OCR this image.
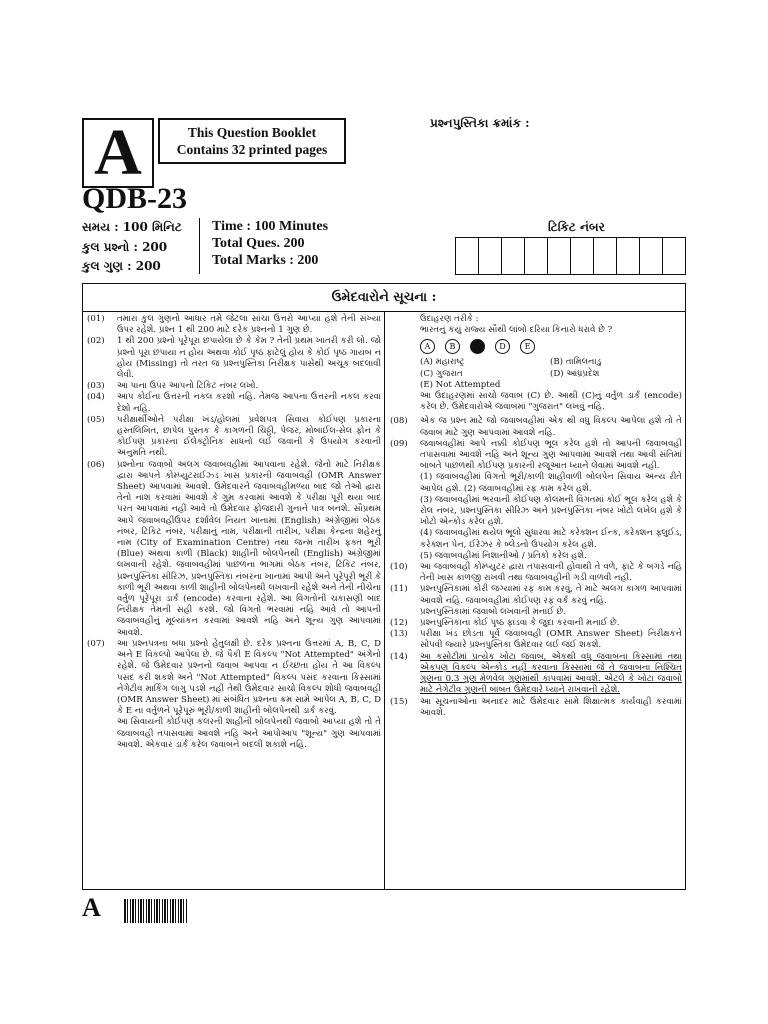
A	This Question Booklet
Contains 32 printed pages
પ્રશ્નપુસ્તિકા ક્રમાંક :
QDB-23
સમય : 100 મિનિટ
કુલ પ્રશ્નો : 200
કુલ ગુણ : 200
Time : 100 Minutes
Total Ques. 200
Total Marks : 200
ટિકિટ નંબર
ઉમેદવારોને સૂચના :
(01)	તમારા કુલ ગુણનો આધાર તમે જેટલા સાચા ઉત્તરો આપ્યા હશે તેની સંખ્યા ઉપર રહેશે. પ્રશ્ન 1 થી 200 માટે દરેક પ્રશ્નનો 1 ગુણ છે.
(02)	1 થી 200 પ્રશ્નો પૂરેપૂરા છપાયેલા છે કે કેમ ? તેની પ્રથમ ખાતરી કરી લો. જો પ્રશ્નો પૂરા છપાયા ન હોય અથવા કોઈ પૃષ્ઠ ફાટેલું હોય કે કોઈ પૃષ્ઠ ગાયબ ન હોય (Missing) તો તરત જ પ્રશ્નપુસ્તિકા નિરીક્ષક પાસેથી અચૂક બદલાવી લેવી.
(03)	આ પાના ઉપર આપનો ટિકિટ નંબર લખો.
(04)	આપ કોઈના ઉત્તરની નકલ કરશો નહિ. તેમજ આપના ઉત્તરની નકલ કરવા દેશો નહિ.
(05)	પરીક્ષાર્થીઓને પરીક્ષા ખંડ/હોલમાં પ્રવેશપત્ર સિવાય કોઈપણ પ્રકારના હસ્તલિખિત, છાપેલ પુસ્તક કે કાગળની ચિઠ્ઠી, પેજર, મોબાઈલ-સેલ ફોન કે કોઈપણ પ્રકારના ઈલેક્ટ્રોનિક સાધનો લઈ જવાની કે ઉપયોગ કરવાની અનુમતિ નથી.
(06)	પ્રશ્નોના જવાબો અલગ જવાબવહીમાં આપવાના રહેશે. જેનો માટે નિરીક્ષક દ્વારા આપને કોમ્પ્યુટરાઈઝ્ડ ખાસ પ્રકારની જવાબવહી (OMR Answer Sheet) આપવામાં આવશે. ઉમેદવારને જવાબવહીમળ્યા બાદ જો તેઓ દ્વારા તેનો નાશ કરવામાં આવશે કે ગુમ કરવામાં આવશે કે પરીક્ષા પૂરી થયા બાદ પરત આપવામાં નહીં આવે તો ઉમેદવાર ફોજદારી ગુનાને પાત્ર બનશે. સૌપ્રથમ આપે જવાબવહીઉપર દર્શાવેલ નિયત ખાનામાં (English) અંગ્રેજીમાં બેઠક નંબર, ટિકિટ નંબર, પરીક્ષાનું નામ, પરીક્ષાની તારીખ, પરીક્ષા કેન્દ્રના શહેરનું નામ (City of Examination Centre) તથા જન્મ તારીખ ફક્ત ભૂરી (Blue) અથવા કાળી (Black) શાહીની બોલપેનથી (English) અંગ્રેજીમાં લખવાની રહેશે. જવાબવહીમાં પાછળના ભાગમાં બેઠક નંબર, ટિકિટ નંબર, પ્રશ્નપુસ્તિકા સીરિઝ, પ્રશ્નપુસ્તિકા નંબરના ખાનામાં આપી અને પૂરેપૂરી ભૂરી કે કાળી ભૂરી અથવા કાળી શાહીની બોલપેનથી લખવાની રહેશે અને તેની નીચેના વર્તુળ પૂરેપૂરા ડાર્ક (encode) કરવાના રહેશે. આ વિગતોની ચકાસણી બાદ નિરીક્ષક તેમની સહી કરશે. જો વિગતો ભરવામાં નહિ આવે તો આપની જવાબવહીનું મૂલ્યાંકન કરવામાં આવશે નહિ અને શૂન્ય ગુણ આપવામાં આવશે.
(07)	આ પ્રશ્નપત્રના બધા પ્રશ્નો હેતુલક્ષી છે. દરેક પ્રશ્નના ઉત્તરમાં A, B, C, D અને E વિકલ્પો આપેલા છે. જે પૈકી E વિકલ્પ "Not Attempted" અંગેનો રહેશે. જે ઉમેદવાર પ્રશ્નનો જવાબ આપવા ન ઈચ્છતા હોય તે આ વિકલ્પ પસંદ કરી શકશે અને "Not Attempted" વિકલ્પ પસંદ કરવાના કિસ્સામાં નેગેટીવ માર્કિંગ લાગુ પડશે નહી તેથી ઉમેદવાર સાચો વિકલ્પ શોધી જવાબવહી (OMR Answer Sheet) માં સંબંધિત પ્રશ્નના ક્રમ સામે આપેલ A, B, C, D કે E ના વર્તુળને પૂરેપૂરું ભૂરી/કાળી શાહીની બોલપેનથી ડાર્ક કરવું.
આ સિવાયની કોઈપણ કલરની શાહીની બોલપેનથી જવાબો આપ્યા હશે તો તે જવાબવહી તપાસવામાં આવશે નહિ અને આપોઆપ "શૂન્ય" ગુણ આપવામાં આવશે. એકવાર ડાર્ક કરેલ જવાબને બદલી શકાશે નહિ.
ઉદાહરણ તરીકે :
ભારતનું કયું રાજ્ય સૌથી લાંબો દરિયા કિનારો ધરાવે છે ?
A	B	D	E
(A) મહારાષ્ટ્ર	(B) તામિલનાડુ
(C) ગુજરાત	(D) આંધ્રપ્રદેશ
(E) Not Attempted
આ ઉદાહરણમાં સાચો જવાબ (C) છે. આથી (C)નું વર્તુળ ડાર્ક (encode) કરેલ છે. ઉમેદવારોએ જવાબમાં "ગુજરાત" લખવું નહિ.
(08)	એક જ પ્રશ્ન માટે જો જવાબવહીમાં એક થી વધુ વિકલ્પ આપેલા હશે તો તે જવાબ માટે ગુણ આપવામાં આવશે નહિ.
(09)	જવાબવહીમાં આપે નક્કી કોઈપણ ભૂલ કરેલ હશે તો આપની જવાબવહી તપાસવામાં આવશે નહિ અને શૂન્ય ગુણ આપવામાં આવશે તથા આવી સંતિમાં બાબતે પાછળથી કોઈપણ પ્રકારની રજૂઆત ધ્યાને લેવામાં આવશે નહી.
(1) જવાબવહીમાં વિગતો ભૂરી/કાળી શાહીવાળી બોલપેન સિવાય અન્ય રીતે આપેલ હશે. (2) જવાબવહીમાં રફ કામ કરેલ હશે.
(3) જવાબવહીમાં ભરવાની કોઈપણ કોલમની વિગતમાં કોઈ ભૂલ કરેલ હશે કે રોલ નંબર, પ્રશ્નપુસ્તિકા સીરિઝ અને પ્રશ્નપુસ્તિકા નંબર ખોટો લખેલ હશે કે ખોટો એન્કોડ કરેલ હશે.
(4) જવાબવહીમાં થયેલ ભૂલો સુધારવા માટે કરેક્શન ઈન્ક, કરેક્શન ફ્લુઈડ, કરેક્શન પેન, ઈરેઝર કે બ્લેડનો ઉપયોગ કરેલ હશે.
(5) જવાબવહીમાં નિશાનીઓ / પ્રતિકો કરેલ હશે.
(10)	આ જવાબવહી કોમ્પ્યુટર દ્વારા તપાસવાની હોવાથી તે વળે, ફાટે કે બગડે નહિ તેની ખાસ કાળજી રાખવી તથા જવાબવહીની ગડી વાળવી નહી.
(11)	પ્રશ્નપુસ્તિકામાં કોરી જગ્યામાં રફ કામ કરવું, તે માટે અલગ કાગળ આપવામાં આવશે નહિ. જવાબવહીમાં કોઈપણ રફ વર્ક કરવું નહિ.
પ્રશ્નપુસ્તિકામાં જવાબો લખવાની મનાઈ છે.
(12)	પ્રશ્નપુસ્તિકાના કોઈ પૃષ્ઠ ફાડવા કે જુદા કરવાની મનાઈ છે.
(13)	પરીક્ષા ખંડ છોડતા પૂર્વે જવાબવહી (OMR Answer Sheet) નિરીક્ષકને સોંપવી જ્યારે પ્રશ્નપુસ્તિકા ઉમેદવાર લઈ જઈ શકશે.
(14)	આ કસોટીમાં પ્રત્યેક ખોટા જવાબ, એકથી વધુ જવાબના કિસ્સામાં તથા એકપણ વિકલ્પ એન્કોડ નહીં કરવાના કિસ્સામાં જે તે જવાબના નિશ્ચિત ગુણના 0.3 ગુણ મેળવેલ ગુણમાંથી કાપવામાં આવશે. એટલે કે ખોટા જવાબો માટે નેગેટીવ ગુણની બાબત ઉમેદવારે ધ્યાને રાખવાની રહેશે.
(15)	આ સૂચનાઓના અનાદર માટે ઉમેદવાર સામે શિક્ષાત્મક કાર્યવાહી કરવામાં આવશે.
A
